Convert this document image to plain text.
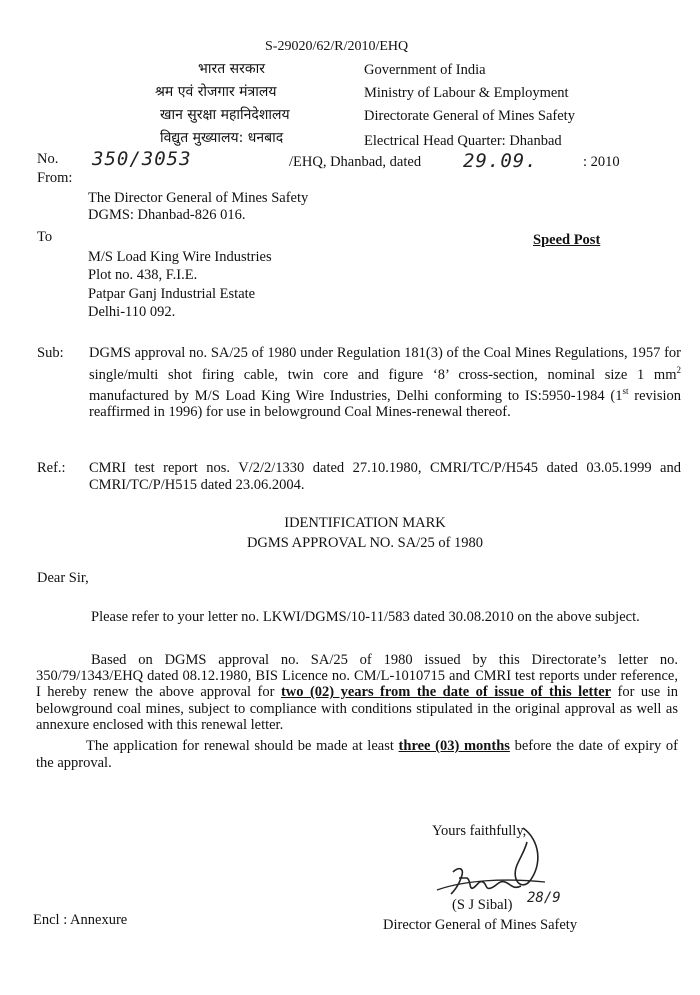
S-29020/62/R/2010/EHQ
भारत सरकार
श्रम एवं रोजगार मंत्रालय
खान सुरक्षा महानिदेशालय
विद्युत मुख्यालय: धनबाद
Government of India
Ministry of Labour & Employment
Directorate General of Mines Safety
Electrical Head Quarter: Dhanbad
No.
From:
350/3053	/EHQ, Dhanbad, dated 29.09.	: 2010
The Director General of Mines Safety
DGMS: Dhanbad-826 016.
To	Speed Post
M/S Load King Wire Industries
Plot no. 438, F.I.E.
Patpar Ganj Industrial Estate
Delhi-110 092.
Sub: DGMS approval no. SA/25 of 1980 under Regulation 181(3) of the Coal Mines Regulations, 1957 for single/multi shot firing cable, twin core and figure ‘8’ cross-section, nominal size 1 $mm^2$ manufactured by M/S Load King Wire Industries, Delhi conforming to IS:5950-1984 (1st revision reaffirmed in 1996) for use in belowground Coal Mines-renewal thereof.
Ref.: CMRI test report nos. V/2/2/1330 dated 27.10.1980, CMRI/TC/P/H545 dated 03.05.1999 and CMRI/TC/P/H515 dated 23.06.2004.
IDENTIFICATION MARK
DGMS APPROVAL NO. SA/25 of 1980
Dear Sir,
Please refer to your letter no. LKWI/DGMS/10-11/583 dated 30.08.2010 on the above subject.
Based on DGMS approval no. SA/25 of 1980 issued by this Directorate’s letter no. 350/79/1343/EHQ dated 08.12.1980, BIS Licence no. CM/L-1010715 and CMRI test reports under reference, I hereby renew the above approval for two (02) years from the date of issue of this letter for use in belowground coal mines, subject to compliance with conditions stipulated in the original approval as well as annexure enclosed with this renewal letter.
The application for renewal should be made at least three (03) months before the date of expiry of the approval.
Yours faithfully,
(S J Sibal) 28/9
Director General of Mines Safety
Encl : Annexure
